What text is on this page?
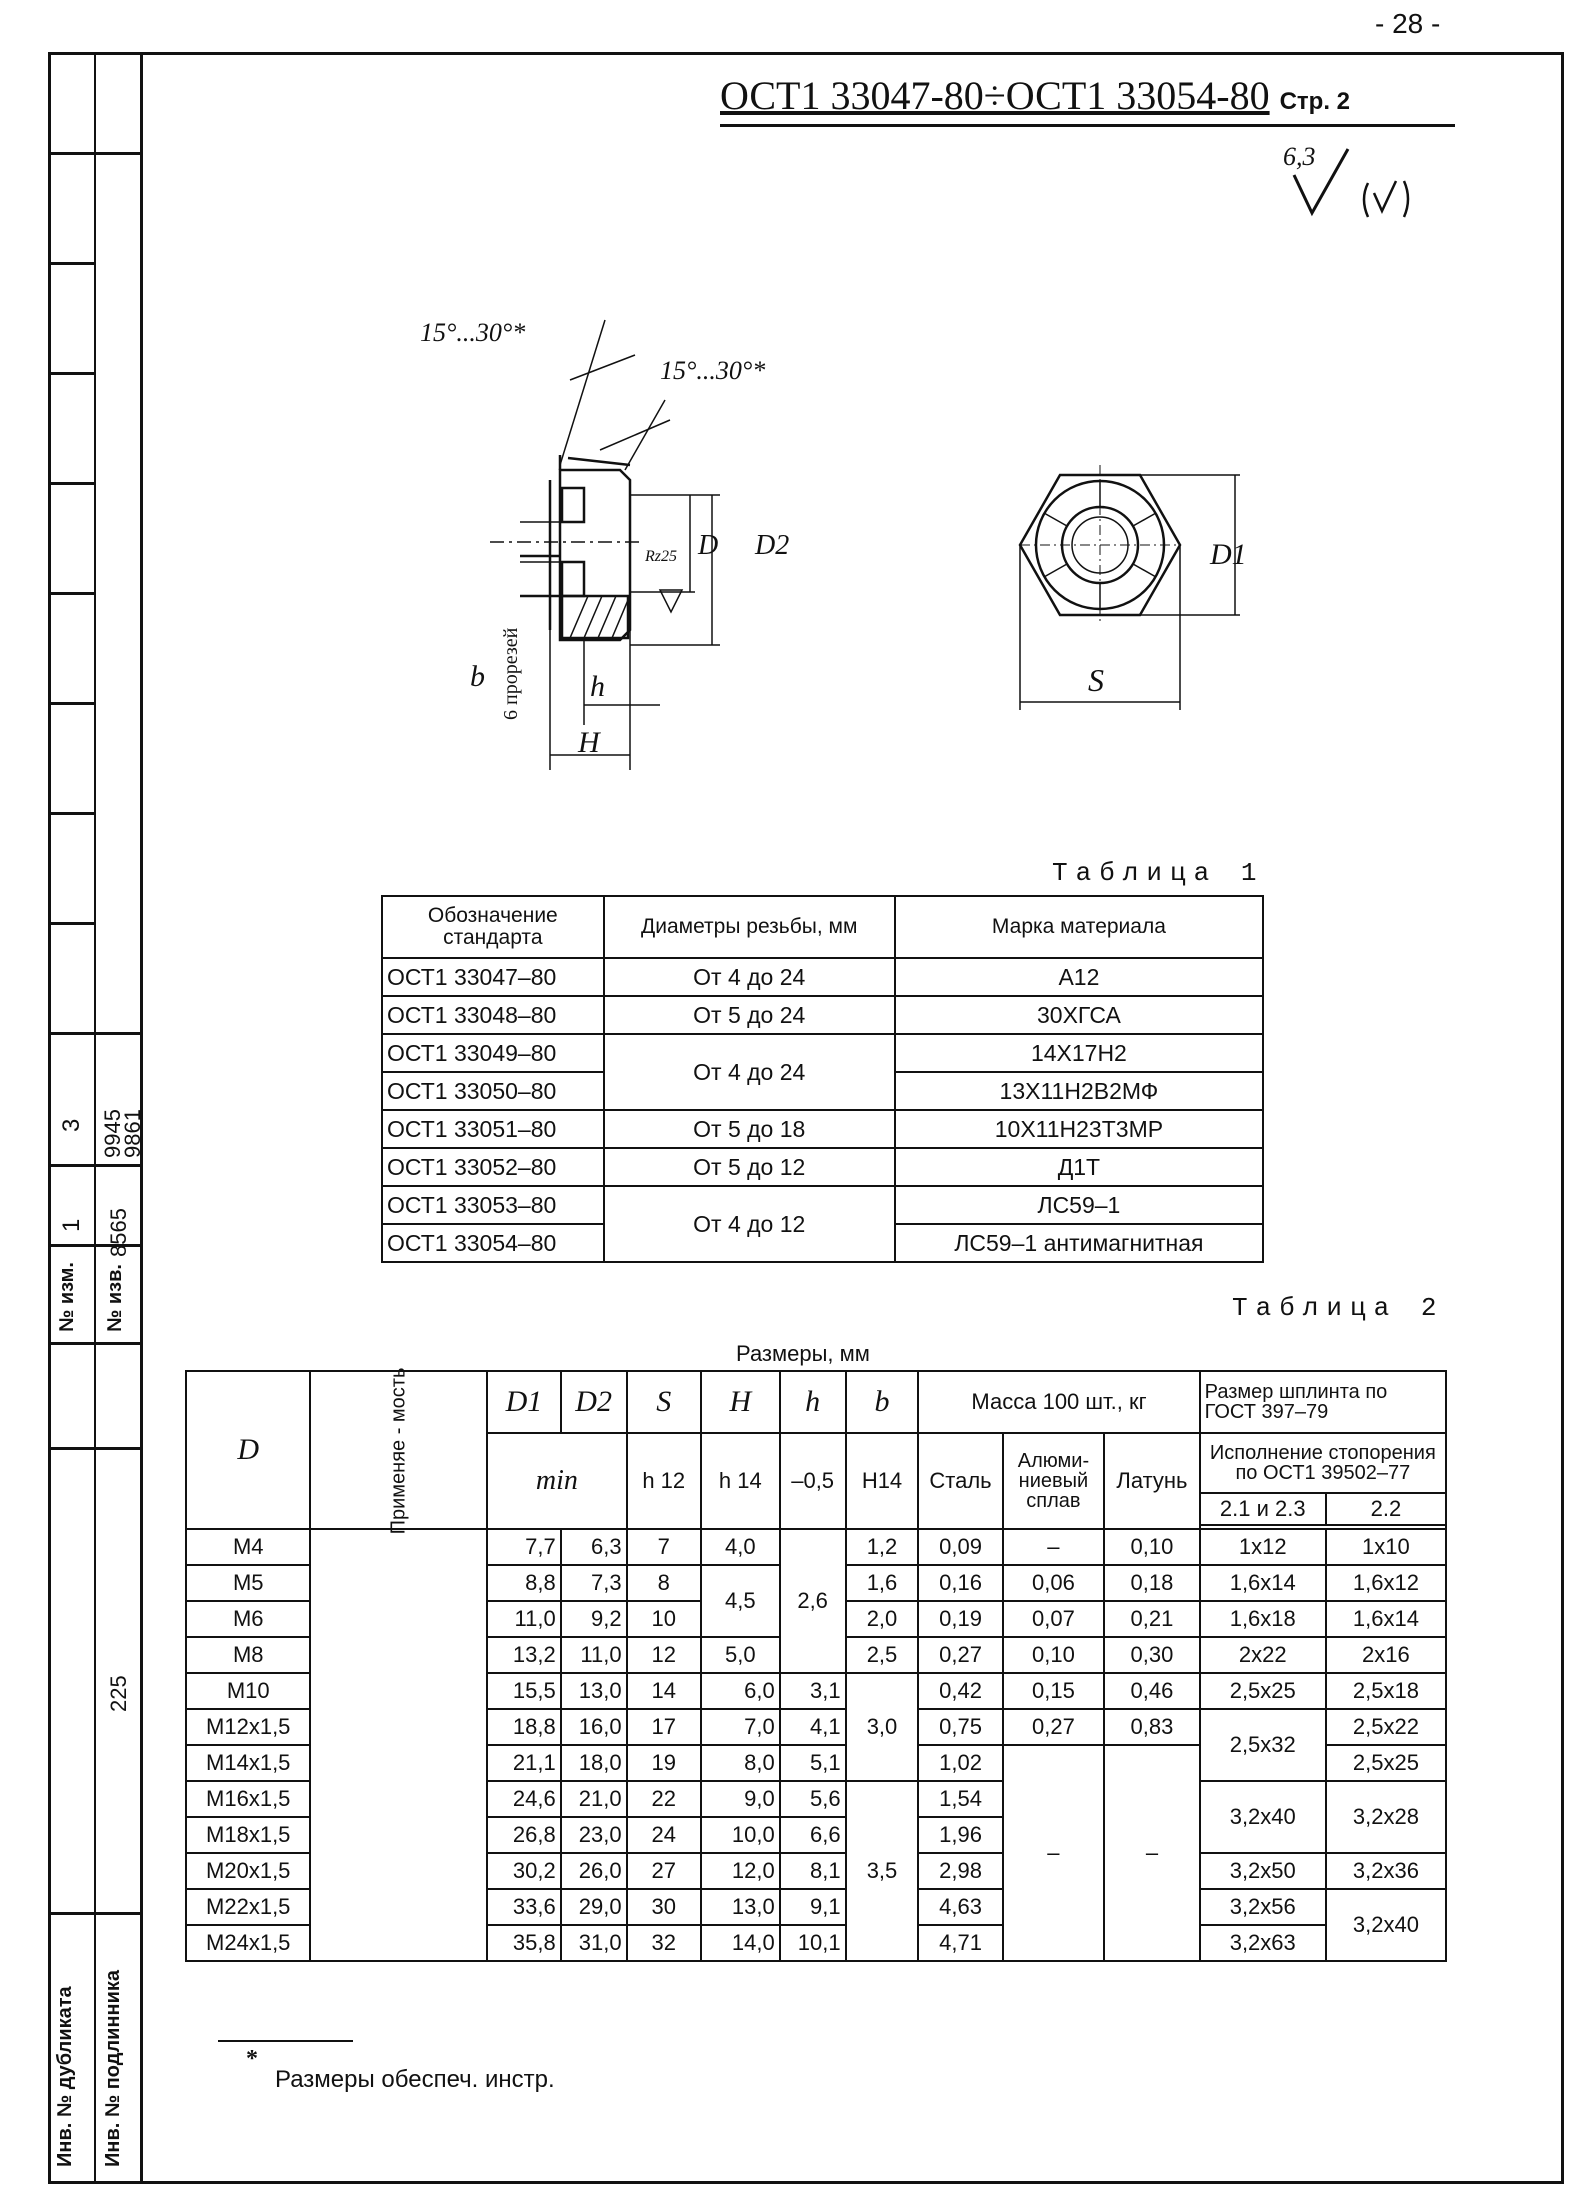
Инв. № дубликата Инв. № подлинника
225
№ изм. № изв.
1 8565
3 9945
9861
- 28 -
ОСТ1 33047-80÷ОСТ1 33054-80 Стр. 2
6,3
15°...30°*
15°...30°*
D D2
Rz25
b 6 прорезей h
H
D1
S
Таблица 1
Обозначение стандарта	Диаметры резьбы, мм	Марка материала
ОСТ1 33047–80	От 4 до 24	А12
ОСТ1 33048–80	От 5 до 24	30ХГСА
ОСТ1 33049–80	От 4 до 24	14Х17Н2
ОСТ1 33050–80		13Х11Н2В2МФ
ОСТ1 33051–80	От 5 до 18	10Х11Н23Т3МР
ОСТ1 33052–80	От 5 до 12	Д1Т
ОСТ1 33053–80	От 4 до 12	ЛС59–1
ОСТ1 33054–80		ЛС59–1 антимагнитная
Таблица 2
Размеры, мм
D	Применяе - мость	D1	D2	S	H	h	b	Масса 100 шт., кг			Размер шплинта по ГОСТ 397–79	
		min		h 12	h 14	–0,5	Н14	Сталь	Алюми- ниевый сплав	Латунь	Исполнение стопорения по ОСТ1 39502–77	
											2.1 и 2.3	2.2

М4		7,7	6,3	7	4,0	2,6	1,2	0,09	–	0,10	1х12	1х10
М5		8,8	7,3	8	4,5		1,6	0,16	0,06	0,18	1,6х14	1,6х12
М6		11,0	9,2	10			2,0	0,19	0,07	0,21	1,6х18	1,6х14
М8		13,2	11,0	12	5,0		2,5	0,27	0,10	0,30	2х22	2х16
М10		15,5	13,0	14	6,0	3,1	3,0	0,42	0,15	0,46	2,5х25	2,5х18
М12х1,5		18,8	16,0	17	7,0	4,1		0,75	0,27	0,83	2,5х32	2,5х22
М14х1,5		21,1	18,0	19	8,0	5,1		1,02	–	–		2,5х25
М16х1,5		24,6	21,0	22	9,0	5,6	3,5	1,54			3,2х40	3,2х28
М18х1,5		26,8	23,0	24	10,0	6,6		1,96				
М20х1,5		30,2	26,0	27	12,0	8,1		2,98			3,2х50	3,2х36
М22х1,5		33,6	29,0	30	13,0	9,1		4,63			3,2х56	3,2х40
М24х1,5		35,8	31,0	32	14,0	10,1		4,71			3,2х63	
*
Размеры обеспеч. инстр.
